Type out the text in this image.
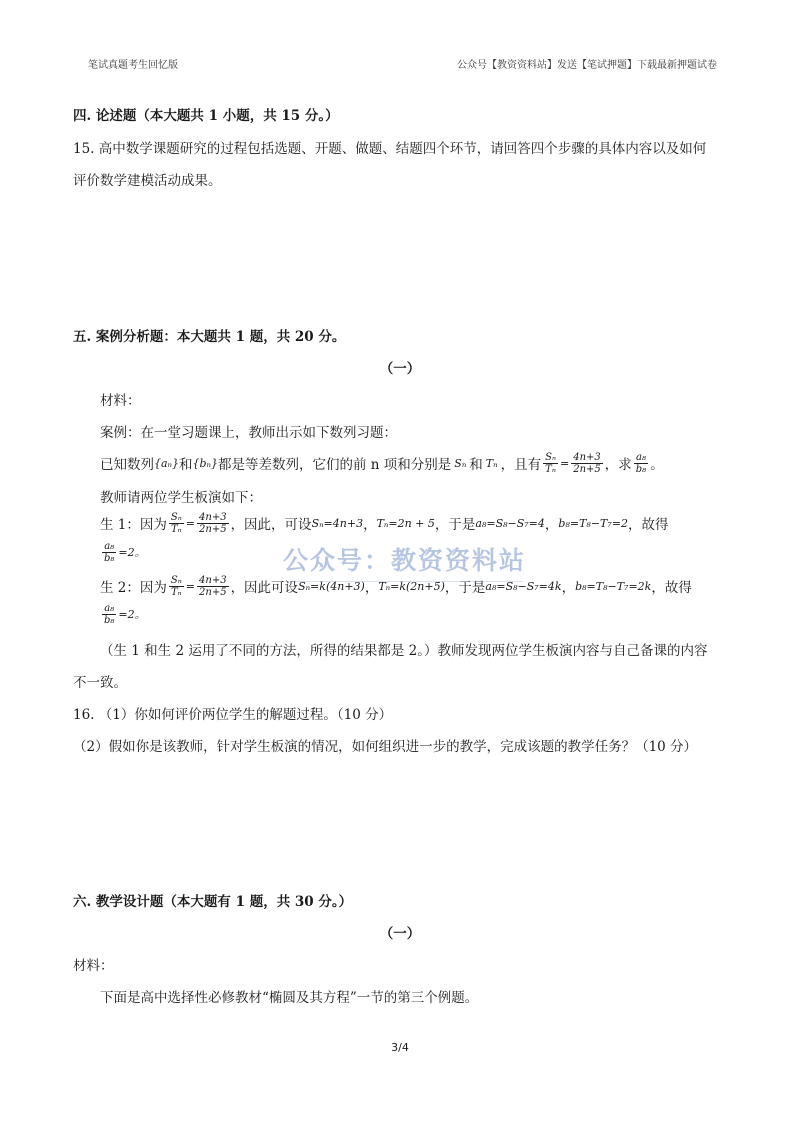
笔试真题考生回忆版	公众号【教资资料站】发送【笔试押题】下载最新押题试卷
四. 论述题（本大题共 1 小题，共 15 分。）
15. 高中数学课题研究的过程包括选题、开题、做题、结题四个环节，请回答四个步骤的具体内容以及如何
评价数学建模活动成果。
五. 案例分析题：本大题共 1 题，共 20 分。
（一）
材料：
案例：在一堂习题课上，教师出示如下数列习题：
已知数列 {aₙ} 和 {bₙ} 都是等差数列，它们的前 n 项和分别是 Sₙ 和 Tₙ ，且有 $\frac{\text{Sₙ}}{\text{Tₙ}} = \frac{4n+3}{2n+5}$ ，求 $\frac{\text{a₈}}{\text{b₈}}$ 。
教师请两位学生板演如下：
生 1：因为 $\frac{\text{Sₙ}}{\text{Tₙ}} = \frac{4n+3}{2n+5}$ ，因此，可设 Sₙ=4n+3 ， Tₙ=2n + 5 ，于是 a₈=S₈−S₇=4 ， b₈=T₈−T₇=2 ，故得
$\frac{\text{a₈}}{\text{b₈}} =2$。
生 2：因为 $\frac{\text{Sₙ}}{\text{Tₙ}} = \frac{4n+3}{2n+5}$ ，因此可设 Sₙ=k(4n+3) ， Tₙ=k(2n+5) ，于是 a₈=S₈−S₇=4k ， b₈=T₈−T₇=2k ，故得
$\frac{\text{a₈}}{\text{b₈}} =2$。
公众号：教资资料站
（生 1 和生 2 运用了不同的方法，所得的结果都是 2。）教师发现两位学生板演内容与自己备课的内容
不一致。
16. （1）你如何评价两位学生的解题过程。（10 分）
（2）假如你是该教师，针对学生板演的情况，如何组织进一步的教学，完成该题的教学任务？（10 分）
六. 教学设计题（本大题有 1 题，共 30 分。）
（一）
材料：
下面是高中选择性必修教材“椭圆及其方程”一节的第三个例题。
3/4
